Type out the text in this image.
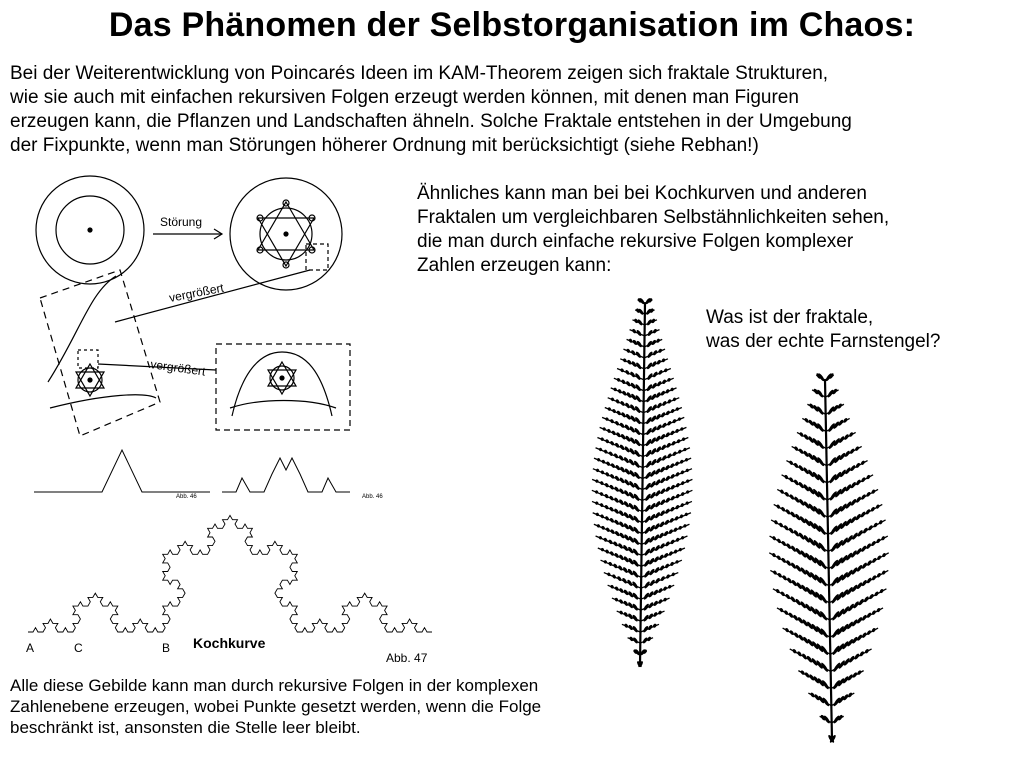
Das Phänomen der Selbstorganisation im Chaos:
Bei der Weiterentwicklung von Poincarés Ideen im KAM-Theorem zeigen sich fraktale Strukturen,
wie sie auch mit einfachen rekursiven Folgen erzeugt werden können, mit denen man Figuren
erzeugen kann, die Pflanzen und Landschaften ähneln. Solche Fraktale entstehen in der Umgebung
der Fixpunkte, wenn man Störungen höherer Ordnung mit berücksichtigt (siehe Rebhan!)
Ähnliches kann man bei bei Kochkurven und anderen
Fraktalen um vergleichbaren Selbstähnlichkeiten sehen,
die man durch einfache rekursive Folgen komplexer
Zahlen erzeugen kann:
Was ist der fraktale,
was der echte Farnstengel?
Störung
vergrößert
vergrößert
Abb. 46	Abb. 46
A	C	B Kochkurve
Abb. 47
Alle diese Gebilde kann man durch rekursive Folgen in der komplexen
Zahlenebene erzeugen, wobei Punkte gesetzt werden, wenn die Folge
beschränkt ist, ansonsten die Stelle leer bleibt.
